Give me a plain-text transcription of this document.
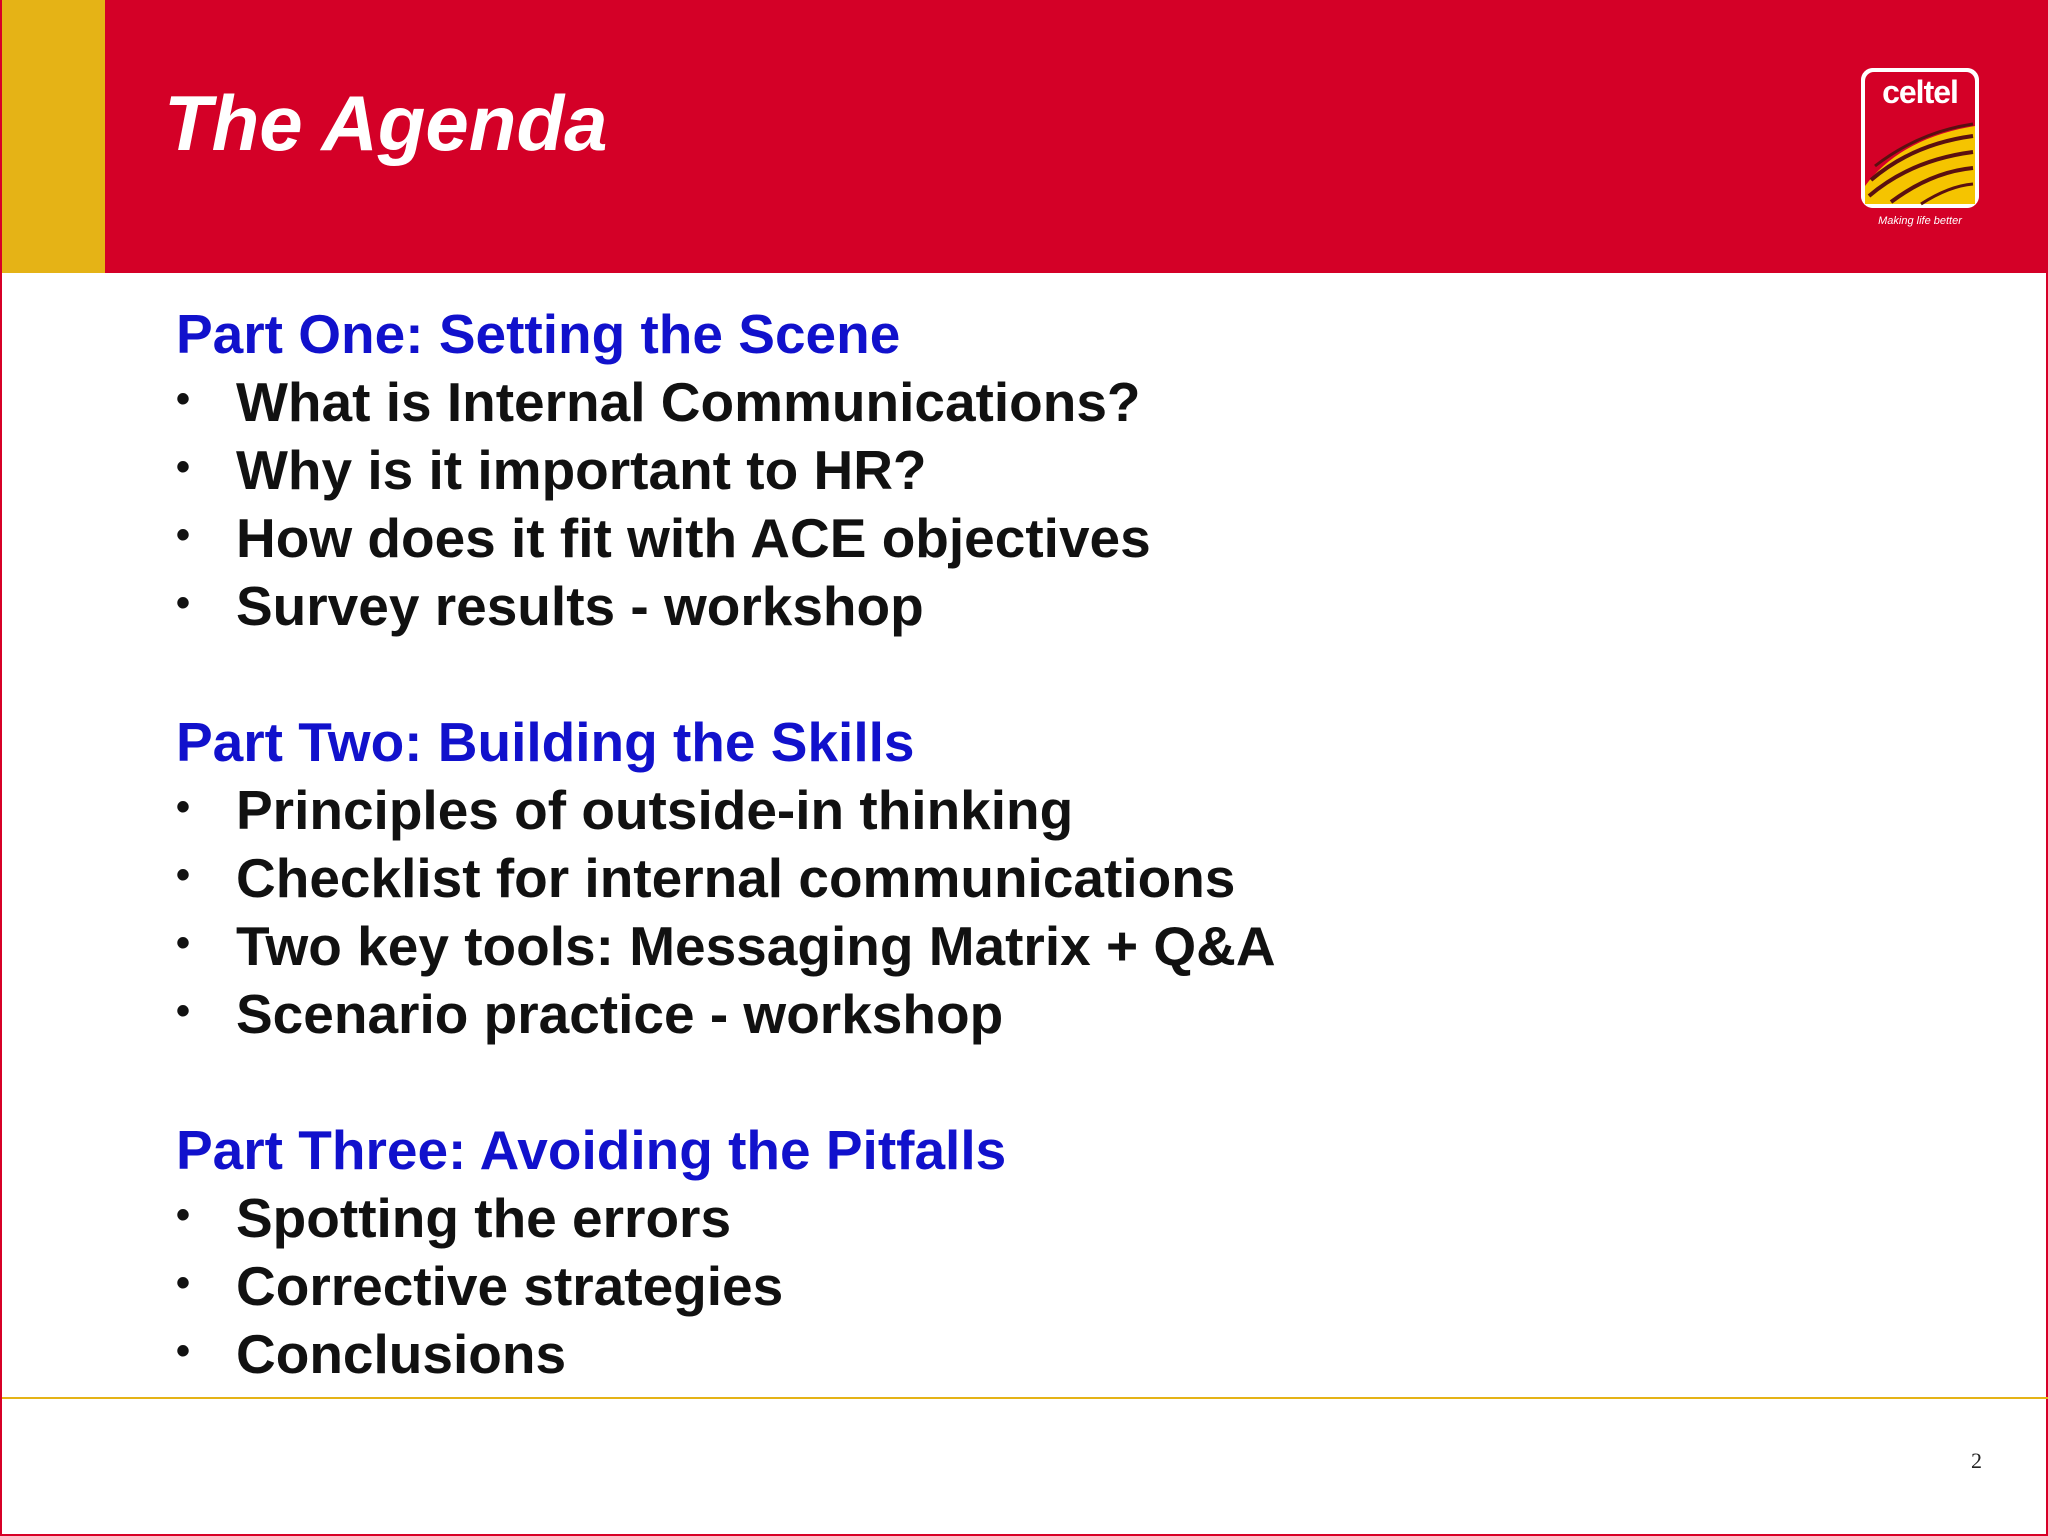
The Agenda	celtel
Making life better
Part One: Setting the Scene
• What is Internal Communications?
• Why is it important to HR?
• How does it fit with ACE objectives
• Survey results - workshop
Part Two: Building the Skills
• Principles of outside-in thinking
• Checklist for internal communications
• Two key tools: Messaging Matrix + Q&A
• Scenario practice - workshop
Part Three: Avoiding the Pitfalls
• Spotting the errors
• Corrective strategies
• Conclusions
2
